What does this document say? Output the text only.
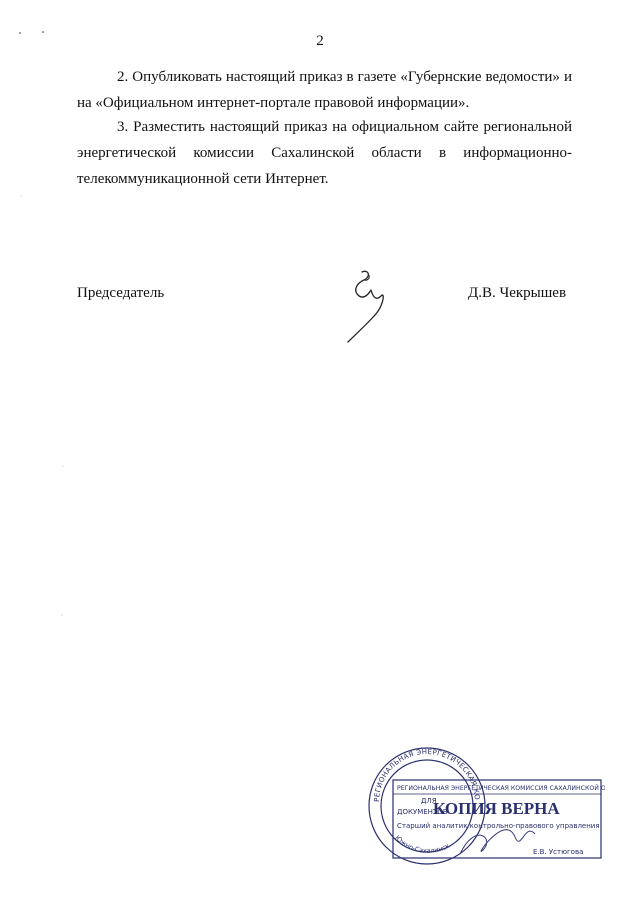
2
2. Опубликовать настоящий приказ в газете «Губернские ведомости» и
на «Официальном интернет-портале правовой информации».
3. Разместить настоящий приказ на официальном сайте региональной
энергетической комиссии Сахалинской области в информационно-
телекоммуникационной сети Интернет.
Председатель	Д.В. Чекрышев
РЕГИОНАЛЬНАЯ ЭНЕРГЕТИЧЕСКАЯ КО
Южно-Сахалинск
РЕГИОНАЛЬНАЯ ЭНЕРГЕТИЧЕСКАЯ КОМИССИЯ САХАЛИНСКОЙ О
ДЛЯ
ДОКУМЕНТОВ
КОПИЯ ВЕРНА
Старший аналитик контрольно-правового управления
Е.В. Устюгова
